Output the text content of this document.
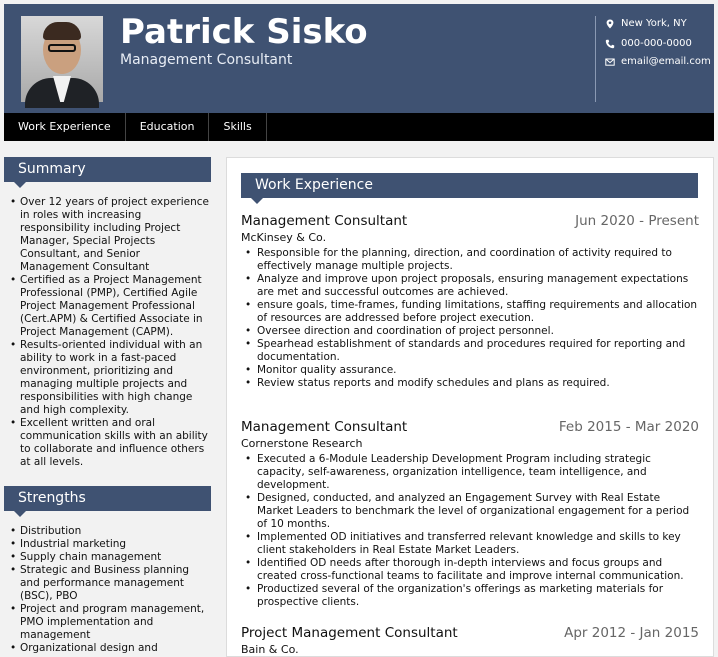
Patrick Sisko
Management Consultant
New York, NY
000-000-0000
email@email.com
Work Experience	Education	Skills
Summary
• Over 12 years of project experience in roles with increasing responsibility including Project Manager, Special Projects Consultant, and Senior Management Consultant
• Certified as a Project Management Professional (PMP), Certified Agile Project Management Professional (Cert.APM) & Certified Associate in Project Management (CAPM).
• Results-oriented individual with an ability to work in a fast-paced environment, prioritizing and managing multiple projects and responsibilities with high change and high complexity.
• Excellent written and oral communication skills with an ability to collaborate and influence others at all levels.
Strengths
• Distribution
• Industrial marketing
• Supply chain management
• Strategic and Business planning and performance management (BSC), PBO
• Project and program management, PMO implementation and management
• Organizational design and
Work Experience
Management Consultant	Jun 2020 - Present
McKinsey & Co.
• Responsible for the planning, direction, and coordination of activity required to effectively manage multiple projects.
• Analyze and improve upon project proposals, ensuring management expectations are met and successful outcomes are achieved.
• ensure goals, time-frames, funding limitations, staffing requirements and allocation of resources are addressed before project execution.
• Oversee direction and coordination of project personnel.
• Spearhead establishment of standards and procedures required for reporting and documentation.
• Monitor quality assurance.
• Review status reports and modify schedules and plans as required.
Management Consultant	Feb 2015 - Mar 2020
Cornerstone Research
• Executed a 6-Module Leadership Development Program including strategic capacity, self-awareness, organization intelligence, team intelligence, and development.
• Designed, conducted, and analyzed an Engagement Survey with Real Estate Market Leaders to benchmark the level of organizational engagement for a period of 10 months.
• Implemented OD initiatives and transferred relevant knowledge and skills to key client stakeholders in Real Estate Market Leaders.
• Identified OD needs after thorough in-depth interviews and focus groups and created cross-functional teams to facilitate and improve internal communication.
• Productized several of the organization's offerings as marketing materials for prospective clients.
Project Management Consultant	Apr 2012 - Jan 2015
Bain & Co.
